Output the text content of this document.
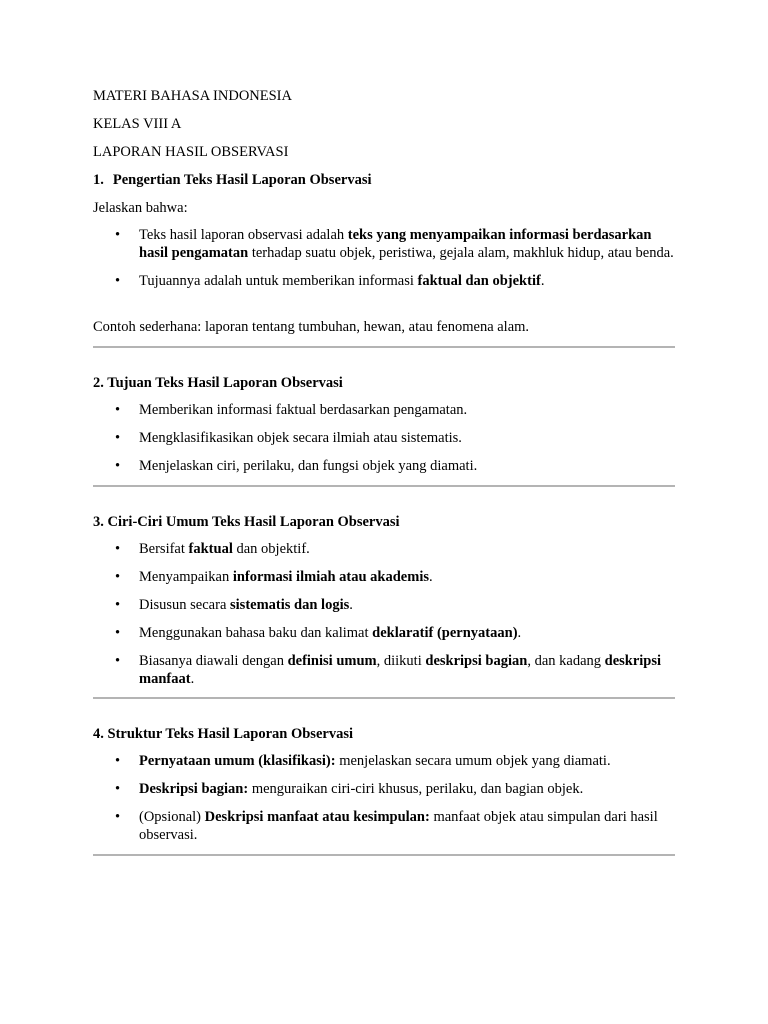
MATERI BAHASA INDONESIA

KELAS VIII A

LAPORAN HASIL OBSERVASI

1. Pengertian Teks Hasil Laporan Observasi

Jelaskan bahwa:

• Teks hasil laporan observasi adalah teks yang menyampaikan informasi berdasarkan hasil pengamatan terhadap suatu objek, peristiwa, gejala alam, makhluk hidup, atau benda.
• Tujuannya adalah untuk memberikan informasi faktual dan objektif.

Contoh sederhana: laporan tentang tumbuhan, hewan, atau fenomena alam.

2. Tujuan Teks Hasil Laporan Observasi

• Memberikan informasi faktual berdasarkan pengamatan.
• Mengklasifikasikan objek secara ilmiah atau sistematis.
• Menjelaskan ciri, perilaku, dan fungsi objek yang diamati.

3. Ciri-Ciri Umum Teks Hasil Laporan Observasi

• Bersifat faktual dan objektif.
• Menyampaikan informasi ilmiah atau akademis.
• Disusun secara sistematis dan logis.
• Menggunakan bahasa baku dan kalimat deklaratif (pernyataan).
• Biasanya diawali dengan definisi umum, diikuti deskripsi bagian, dan kadang deskripsi manfaat.

4. Struktur Teks Hasil Laporan Observasi

• Pernyataan umum (klasifikasi): menjelaskan secara umum objek yang diamati.
• Deskripsi bagian: menguraikan ciri-ciri khusus, perilaku, dan bagian objek.
• (Opsional) Deskripsi manfaat atau kesimpulan: manfaat objek atau simpulan dari hasil observasi.
